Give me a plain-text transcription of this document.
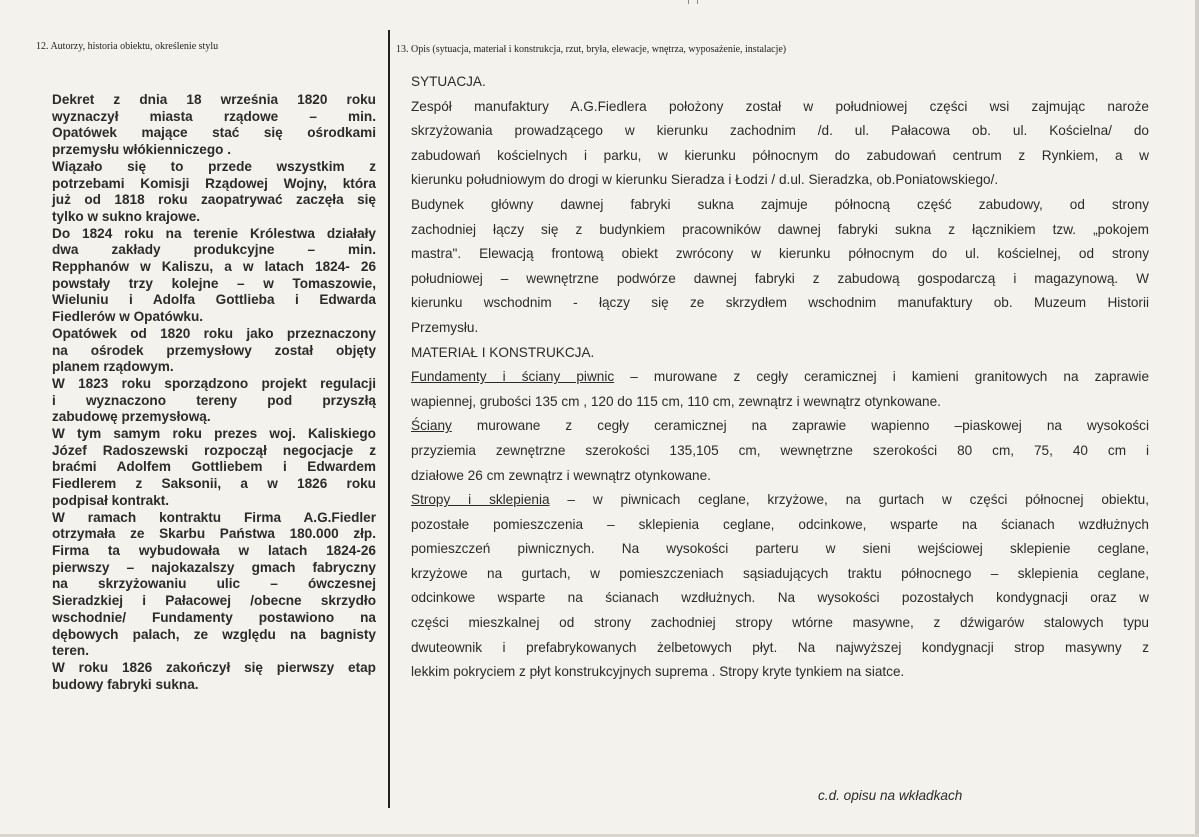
12. Autorzy, historia obiektu, określenie stylu	13. Opis (sytuacja, materiał i konstrukcja, rzut, bryła, elewacje, wnętrza, wyposażenie, instalacje)
Dekret z dnia 18 września 1820 roku
wyznaczył miasta rządowe – min.
Opatówek mające stać się ośrodkami
przemysłu włókienniczego .
Wiązało się to przede wszystkim z
potrzebami Komisji Rządowej Wojny, która
już od 1818 roku zaopatrywać zaczęła się
tylko w sukno krajowe.
Do 1824 roku na terenie Królestwa działały
dwa zakłady produkcyjne – min.
Repphanów w Kaliszu, a w latach 1824- 26
powstały trzy kolejne – w Tomaszowie,
Wieluniu i Adolfa Gottlieba i Edwarda
Fiedlerów w Opatówku.
Opatówek od 1820 roku jako przeznaczony
na ośrodek przemysłowy został objęty
planem rządowym.
W 1823 roku sporządzono projekt regulacji
i wyznaczono tereny pod przyszłą
zabudowę przemysłową.
W tym samym roku prezes woj. Kaliskiego
Józef Radoszewski rozpoczął negocjacje z
braćmi Adolfem Gottliebem i Edwardem
Fiedlerem z Saksonii, a w 1826 roku
podpisał kontrakt.
W ramach kontraktu Firma A.G.Fiedler
otrzymała ze Skarbu Państwa 180.000 złp.
Firma ta wybudowała w latach 1824-26
pierwszy – najokazalszy gmach fabryczny
na skrzyżowaniu ulic – ówczesnej
Sieradzkiej i Pałacowej /obecne skrzydło
wschodnie/ Fundamenty postawiono na
dębowych palach, ze względu na bagnisty
teren.
W roku 1826 zakończył się pierwszy etap
budowy fabryki sukna.
SYTUACJA.
Zespół manufaktury A.G.Fiedlera położony został w południowej części wsi zajmując naroże
skrzyżowania prowadzącego w kierunku zachodnim /d. ul. Pałacowa ob. ul. Kościelna/ do
zabudowań kościelnych i parku, w kierunku północnym do zabudowań centrum z Rynkiem, a w
kierunku południowym do drogi w kierunku Sieradza i Łodzi / d.ul. Sieradzka, ob.Poniatowskiego/.
Budynek główny dawnej fabryki sukna zajmuje północną część zabudowy, od strony
zachodniej łączy się z budynkiem pracowników dawnej fabryki sukna z łącznikiem tzw. „pokojem
mastra". Elewacją frontową obiekt zwrócony w kierunku północnym do ul. kościelnej, od strony
południowej – wewnętrzne podwórze dawnej fabryki z zabudową gospodarczą i magazynową. W
kierunku wschodnim - łączy się ze skrzydłem wschodnim manufaktury ob. Muzeum Historii
Przemysłu.
MATERIAŁ I KONSTRUKCJA.
Fundamenty i ściany piwnic – murowane z cegły ceramicznej i kamieni granitowych na zaprawie
wapiennej, grubości 135 cm , 120 do 115 cm, 110 cm, zewnątrz i wewnątrz otynkowane.
Ściany murowane z cegły ceramicznej na zaprawie wapienno –piaskowej na wysokości
przyziemia zewnętrzne szerokości 135,105 cm, wewnętrzne szerokości 80 cm, 75, 40 cm i
działowe 26 cm zewnątrz i wewnątrz otynkowane.
Stropy i sklepienia – w piwnicach ceglane, krzyżowe, na gurtach w części północnej obiektu,
pozostałe pomieszczenia – sklepienia ceglane, odcinkowe, wsparte na ścianach wzdłużnych
pomieszczeń piwnicznych. Na wysokości parteru w sieni wejściowej sklepienie ceglane,
krzyżowe na gurtach, w pomieszczeniach sąsiadujących traktu północnego – sklepienia ceglane,
odcinkowe wsparte na ścianach wzdłużnych. Na wysokości pozostałych kondygnacji oraz w
części mieszkalnej od strony zachodniej stropy wtórne masywne, z dźwigarów stalowych typu
dwuteownik i prefabrykowanych żelbetowych płyt. Na najwyższej kondygnacji strop masywny z
lekkim pokryciem z płyt konstrukcyjnych suprema . Stropy kryte tynkiem na siatce.
c.d. opisu na wkładkach
